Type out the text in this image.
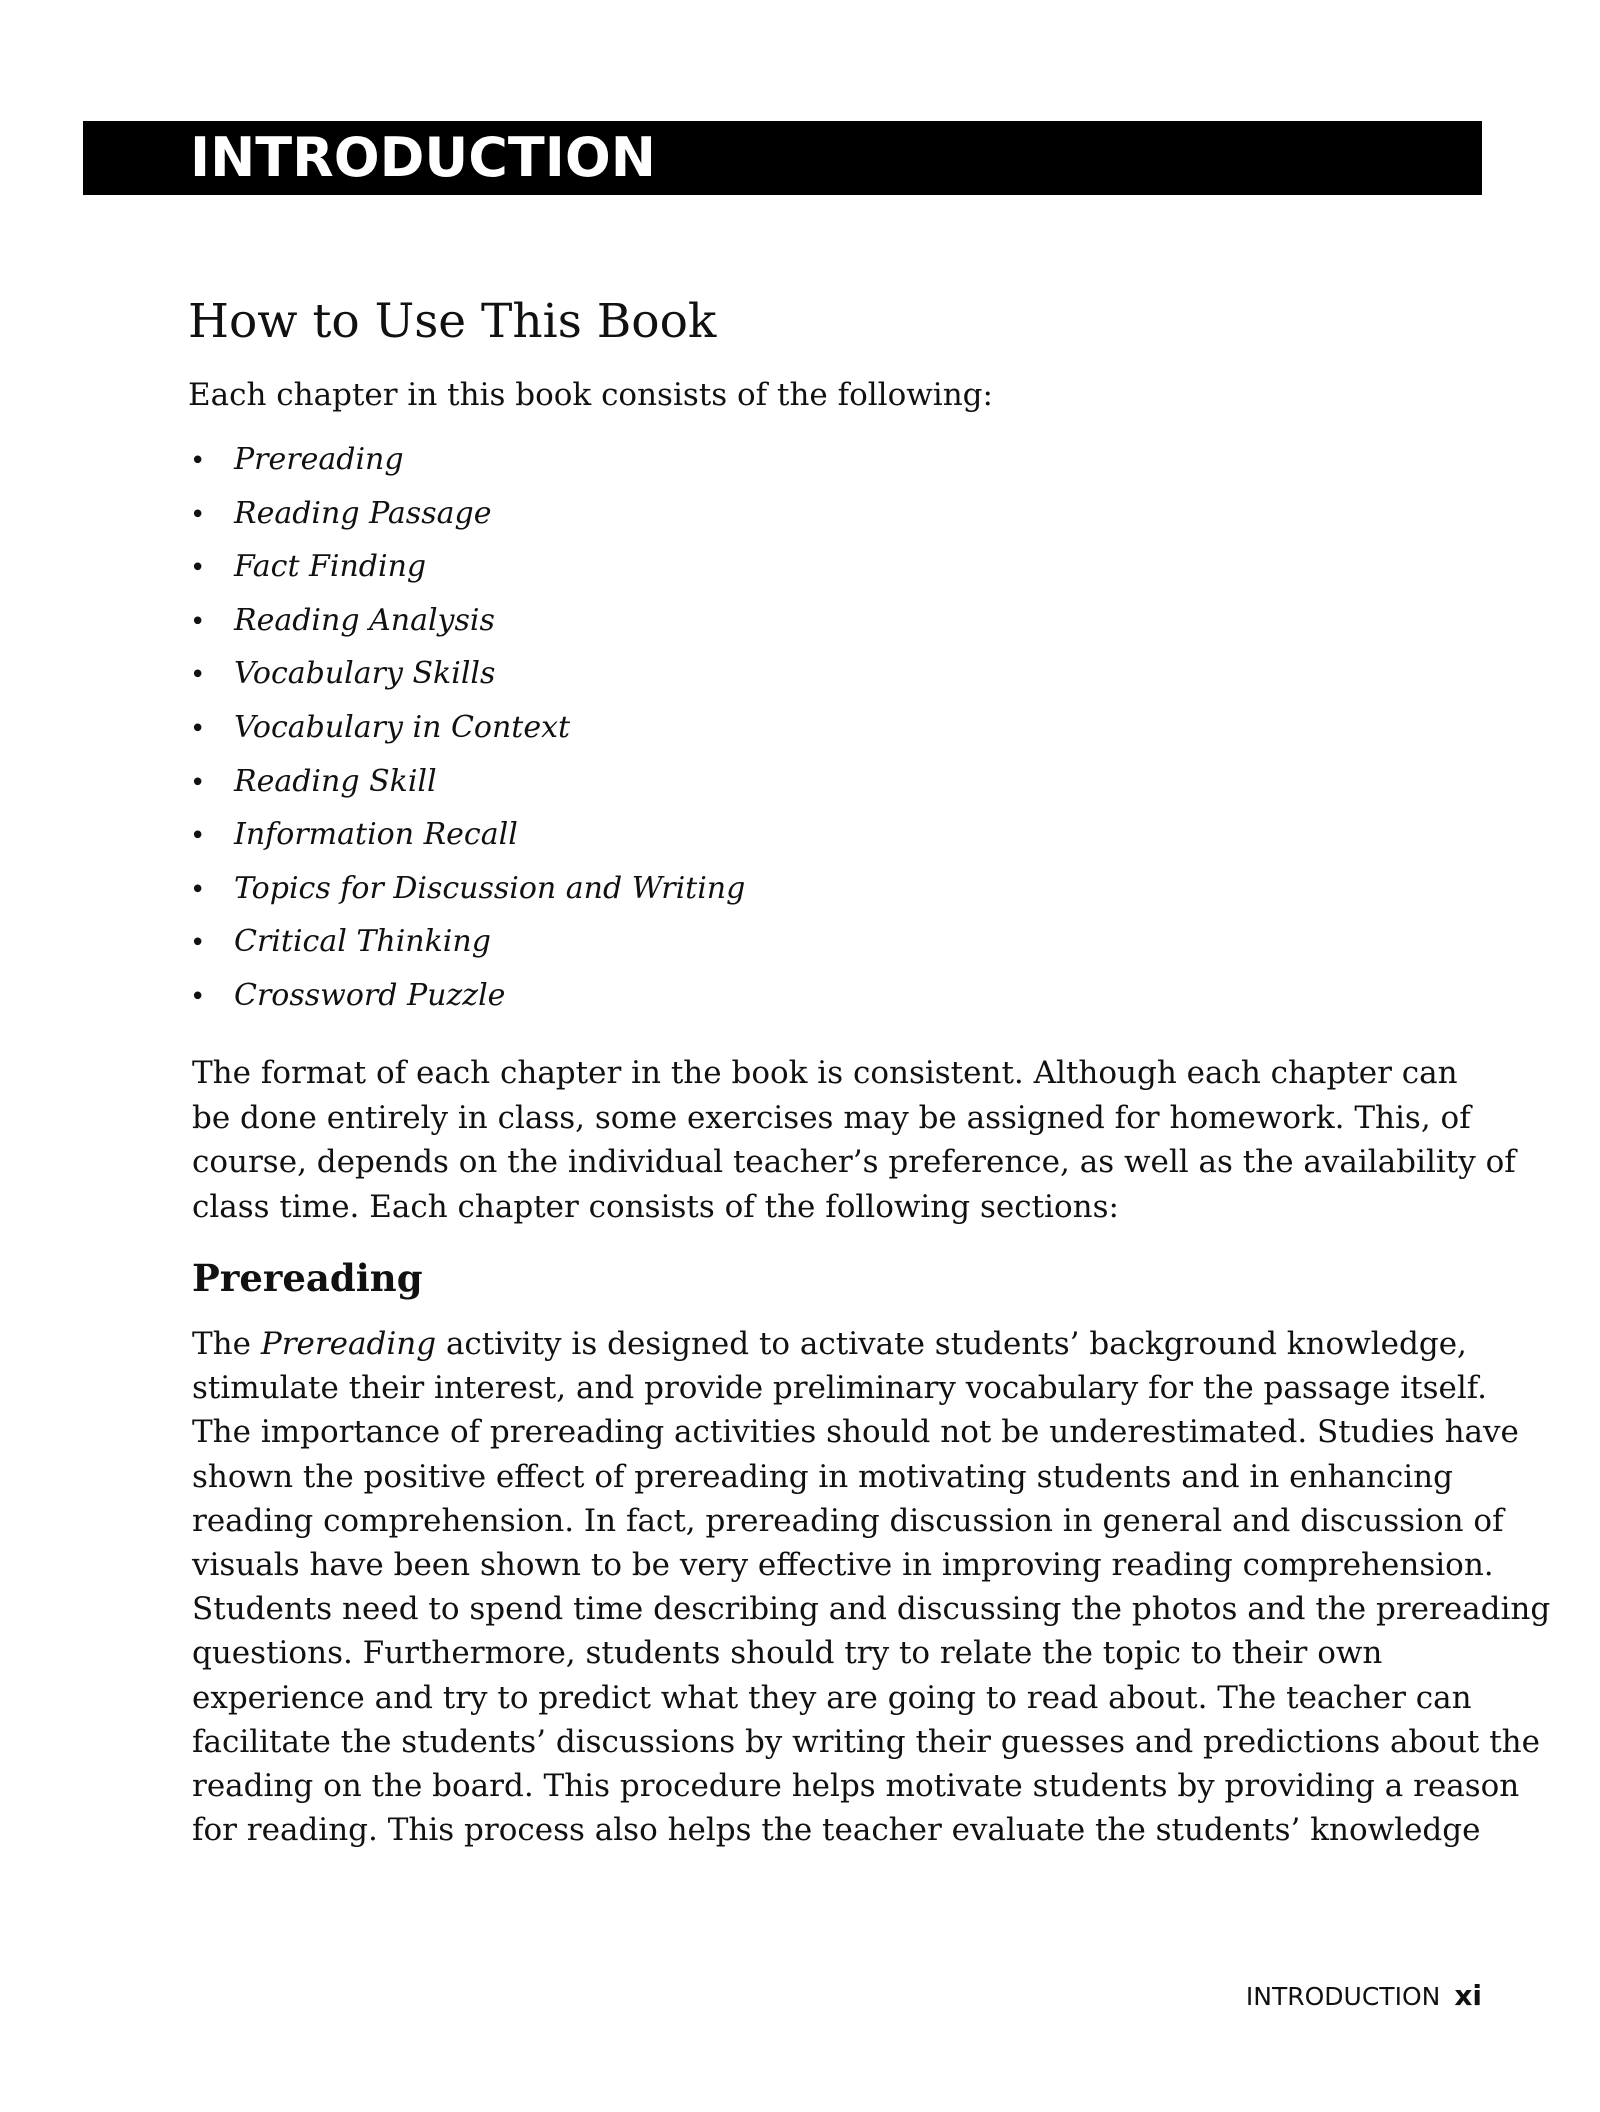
INTRODUCTION
How to Use This Book
Each chapter in this book consists of the following:
• Prereading
• Reading Passage
• Fact Finding
• Reading Analysis
• Vocabulary Skills
• Vocabulary in Context
• Reading Skill
• Information Recall
• Topics for Discussion and Writing
• Critical Thinking
• Crossword Puzzle
The format of each chapter in the book is consistent. Although each chapter can
be done entirely in class, some exercises may be assigned for homework. This, of
course, depends on the individual teacher’s preference, as well as the availability of
class time. Each chapter consists of the following sections:
Prereading
The Prereading activity is designed to activate students’ background knowledge,
stimulate their interest, and provide preliminary vocabulary for the passage itself.
The importance of prereading activities should not be underestimated. Studies have
shown the positive effect of prereading in motivating students and in enhancing
reading comprehension. In fact, prereading discussion in general and discussion of
visuals have been shown to be very effective in improving reading comprehension.
Students need to spend time describing and discussing the photos and the prereading
questions. Furthermore, students should try to relate the topic to their own
experience and try to predict what they are going to read about. The teacher can
facilitate the students’ discussions by writing their guesses and predictions about the
reading on the board. This procedure helps motivate students by providing a reason
for reading. This process also helps the teacher evaluate the students’ knowledge
INTRODUCTION xi
